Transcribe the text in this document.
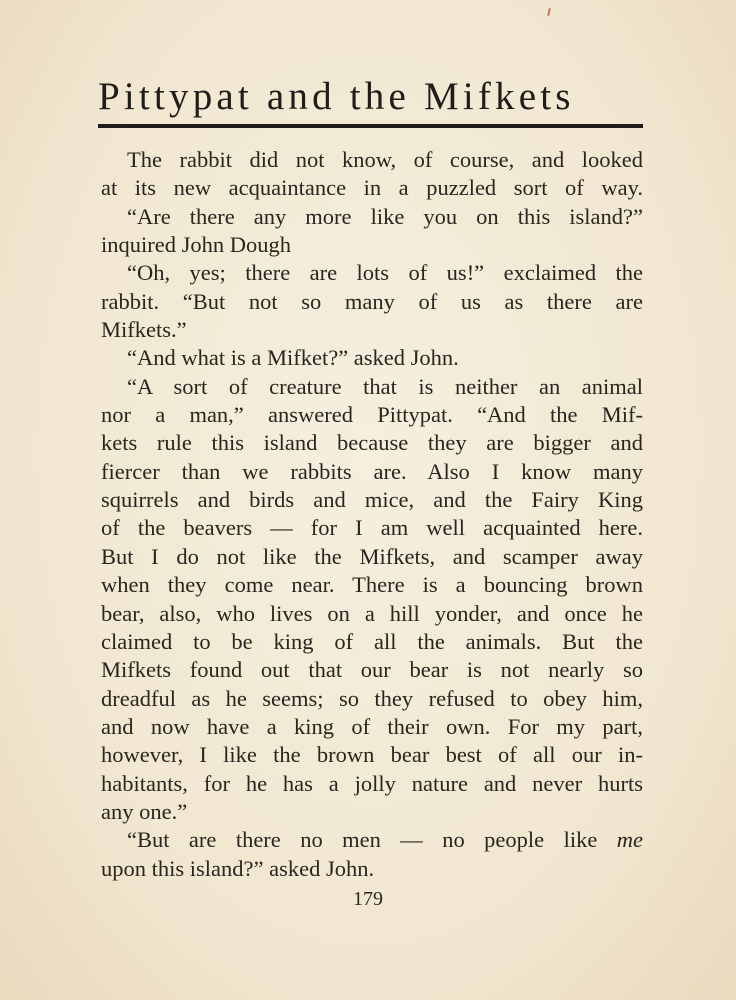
Pittypat and the Mifkets
The rabbit did not know, of course, and looked
at its new acquaintance in a puzzled sort of way.
“Are there any more like you on this island?”
inquired John Dough
“Oh, yes; there are lots of us!” exclaimed the
rabbit. “But not so many of us as there are
Mifkets.”
“And what is a Mifket?” asked John.
“A sort of creature that is neither an animal
nor a man,” answered Pittypat. “And the Mif-
kets rule this island because they are bigger and
fiercer than we rabbits are. Also I know many
squirrels and birds and mice, and the Fairy King
of the beavers — for I am well acquainted here.
But I do not like the Mifkets, and scamper away
when they come near. There is a bouncing brown
bear, also, who lives on a hill yonder, and once he
claimed to be king of all the animals. But the
Mifkets found out that our bear is not nearly so
dreadful as he seems; so they refused to obey him,
and now have a king of their own. For my part,
however, I like the brown bear best of all our in-
habitants, for he has a jolly nature and never hurts
any one.”
“But are there no men — no people like me
upon this island?” asked John.
179
